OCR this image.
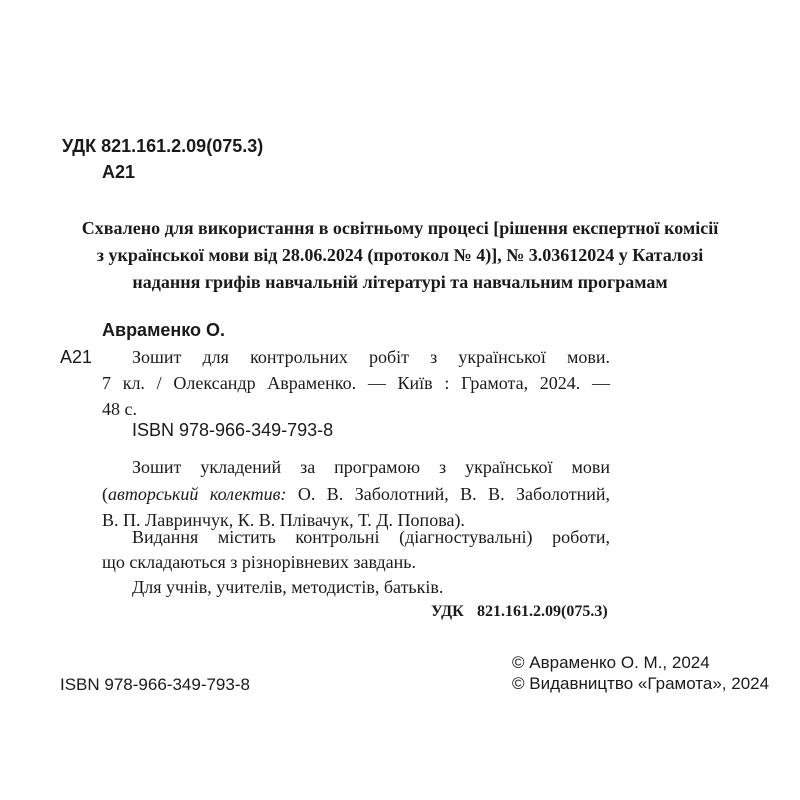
УДК 821.161.2.09(075.3)
А21
Схвалено для використання в освітньому процесі [рішення експертної комісії
з української мови від 28.06.2024 (протокол № 4)], № 3.03612024 у Каталозі
надання грифів навчальній літературі та навчальним програмам
Авраменко О.
А21 Зошит для контрольних робіт з української мови.
7 кл. / Олександр Авраменко. — Київ : Грамота, 2024. —
48 с.
ISBN 978-966-349-793-8
Зошит укладений за програмою з української мови
(авторський колектив: О. В. Заболотний, В. В. Заболотний,
В. П. Лавринчук, К. В. Плівачук, Т. Д. Попова).
Видання містить контрольні (діагностувальні) роботи,
що складаються з різнорівневих завдань.
Для учнів, учителів, методистів, батьків.
УДК 821.161.2.09(075.3)
© Авраменко О. М., 2024
ISBN 978-966-349-793-8	© Видавництво «Грамота», 2024
